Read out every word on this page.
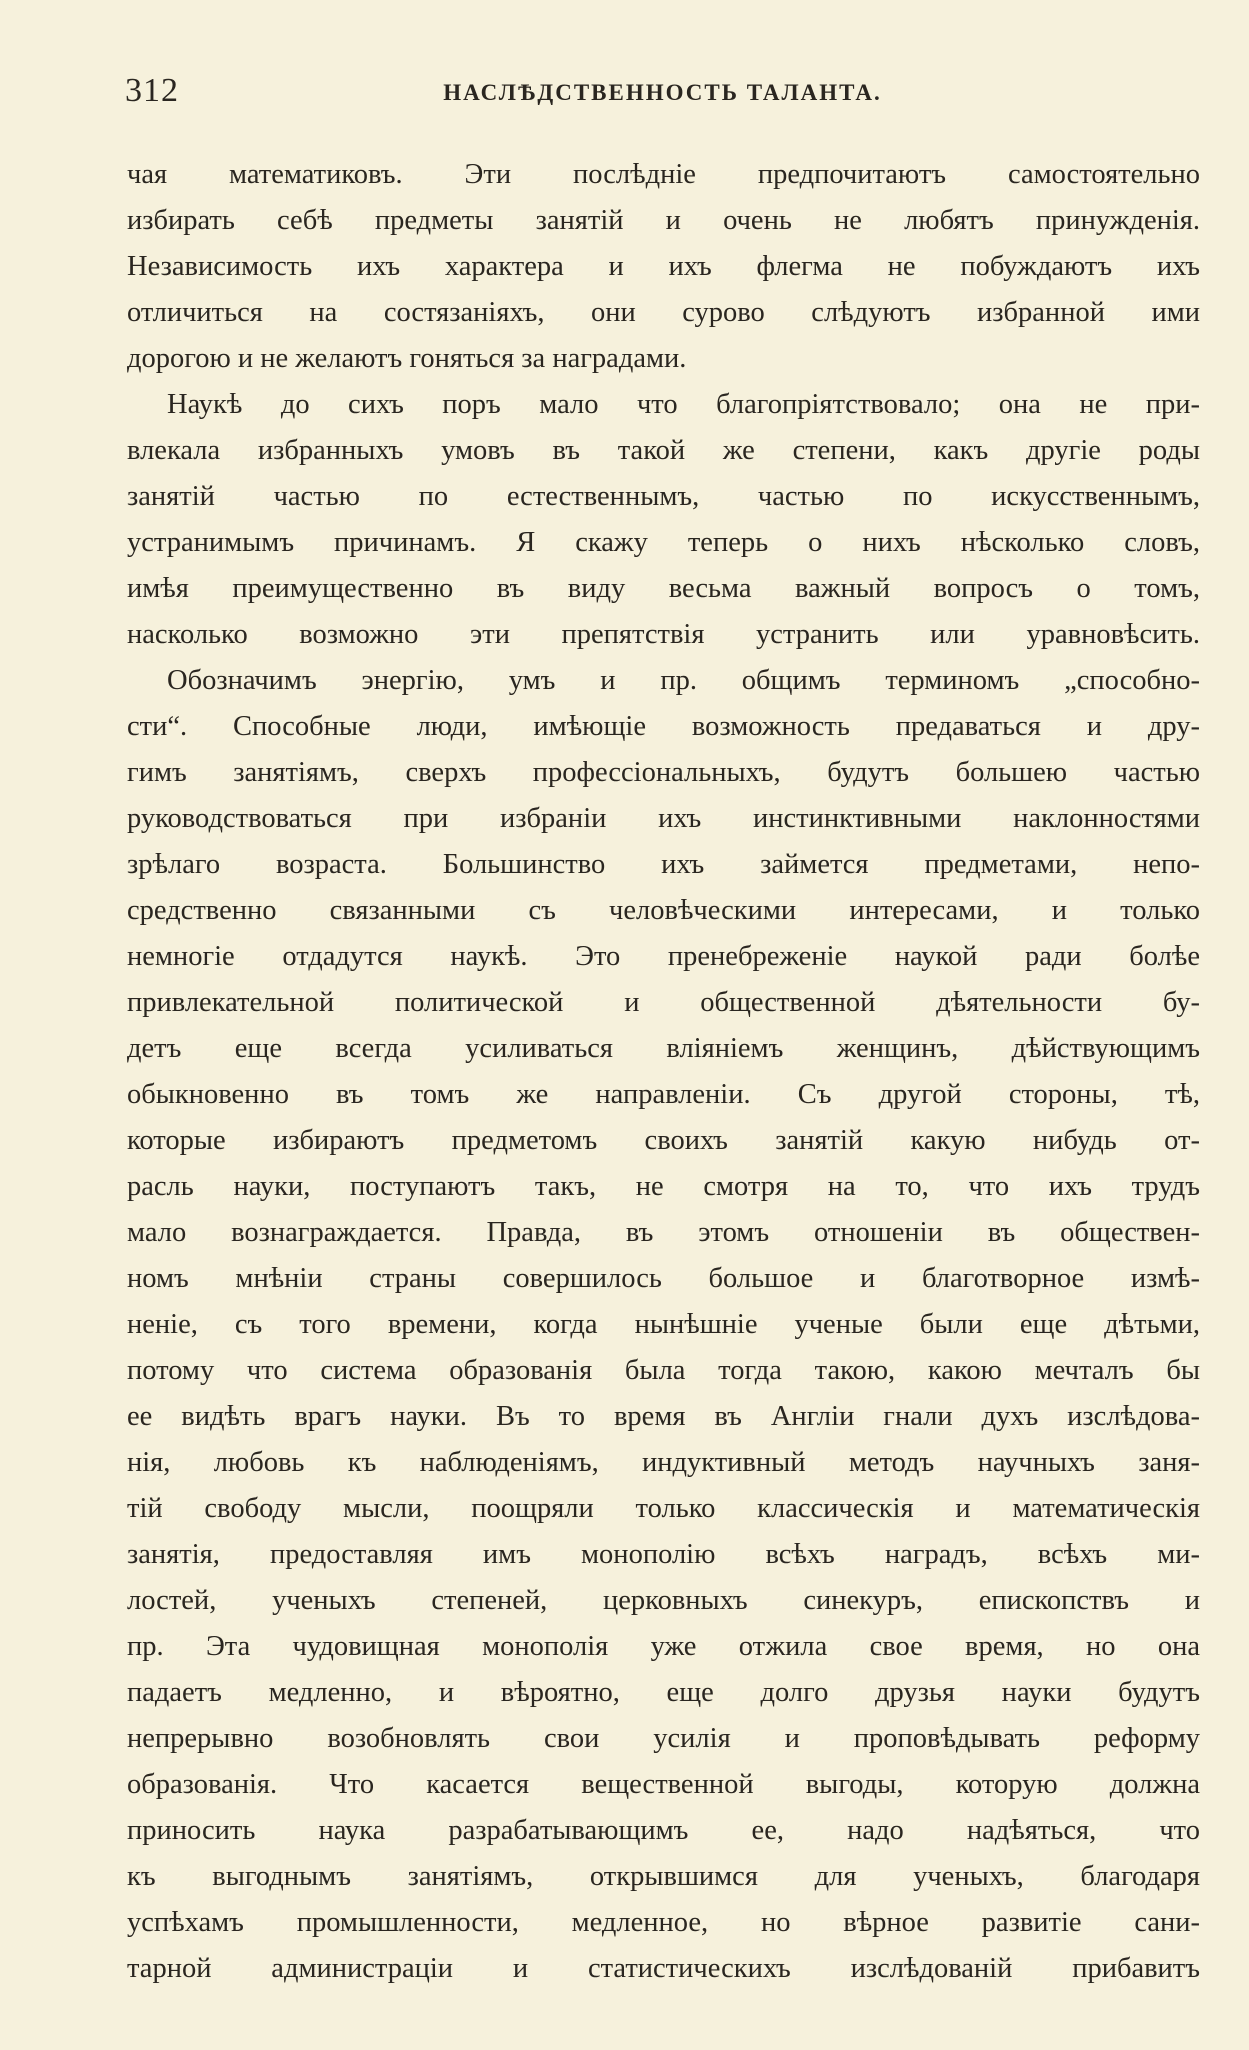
312	НАСЛѢДСТВЕННОСТЬ ТАЛАНТА.
чая математиковъ. Эти послѣднiе предпочитаютъ самостоятельно
избирать себѣ предметы занятiй и очень не любятъ принужденiя.
Независимость ихъ характера и ихъ флегма не побуждаютъ ихъ
отличиться на состязанiяхъ, они сурово слѣдуютъ избранной ими
дорогою и не желаютъ гоняться за наградами.
Наукѣ до сихъ поръ мало что благопрiятствовало; она не при-
влекала избранныхъ умовъ въ такой же степени, какъ другiе роды
занятiй частью по естественнымъ, частью по искусственнымъ,
устранимымъ причинамъ. Я скажу теперь о нихъ нѣсколько словъ,
имѣя преимущественно въ виду весьма важный вопросъ о томъ,
насколько возможно эти препятствiя устранить или уравновѣсить.
Обозначимъ энергiю, умъ и пр. общимъ терминомъ „способно-
сти“. Способные люди, имѣющiе возможность предаваться и дру-
гимъ занятiямъ, сверхъ профессiональныхъ, будутъ большею частью
руководствоваться при избранiи ихъ инстинктивными наклонностями
зрѣлаго возраста. Большинство ихъ займется предметами, непо-
средственно связанными съ человѣческими интересами, и только
немногiе отдадутся наукѣ. Это пренебреженiе наукой ради болѣе
привлекательной политической и общественной дѣятельности бу-
детъ еще всегда усиливаться влiянiемъ женщинъ, дѣйствующимъ
обыкновенно въ томъ же направленiи. Съ другой стороны, тѣ,
которые избираютъ предметомъ своихъ занятiй какую нибудь от-
расль науки, поступаютъ такъ, не смотря на то, что ихъ трудъ
мало вознаграждается. Правда, въ этомъ отношенiи въ обществен-
номъ мнѣнiи страны совершилось большое и благотворное измѣ-
ненiе, съ того времени, когда нынѣшнiе ученые были еще дѣтьми,
потому что система образованiя была тогда такою, какою мечталъ бы
ее видѣть врагъ науки. Въ то время въ Англiи гнали духъ изслѣдова-
нiя, любовь къ наблюденiямъ, индуктивный методъ научныхъ заня-
тiй свободу мысли, поощряли только классическiя и математическiя
занятiя, предоставляя имъ монополiю всѣхъ наградъ, всѣхъ ми-
лостей, ученыхъ степеней, церковныхъ синекуръ, епископствъ и
пр. Эта чудовищная монополiя уже отжила свое время, но она
падаетъ медленно, и вѣроятно, еще долго друзья науки будутъ
непрерывно возобновлять свои усилiя и проповѣдывать реформу
образованiя. Что касается вещественной выгоды, которую должна
приносить наука разрабатывающимъ ее, надо надѣяться, что
къ выгоднымъ занятiямъ, открывшимся для ученыхъ, благодаря
успѣхамъ промышленности, медленное, но вѣрное развитiе сани-
тарной администрацiи и статистическихъ изслѣдованiй прибавитъ
